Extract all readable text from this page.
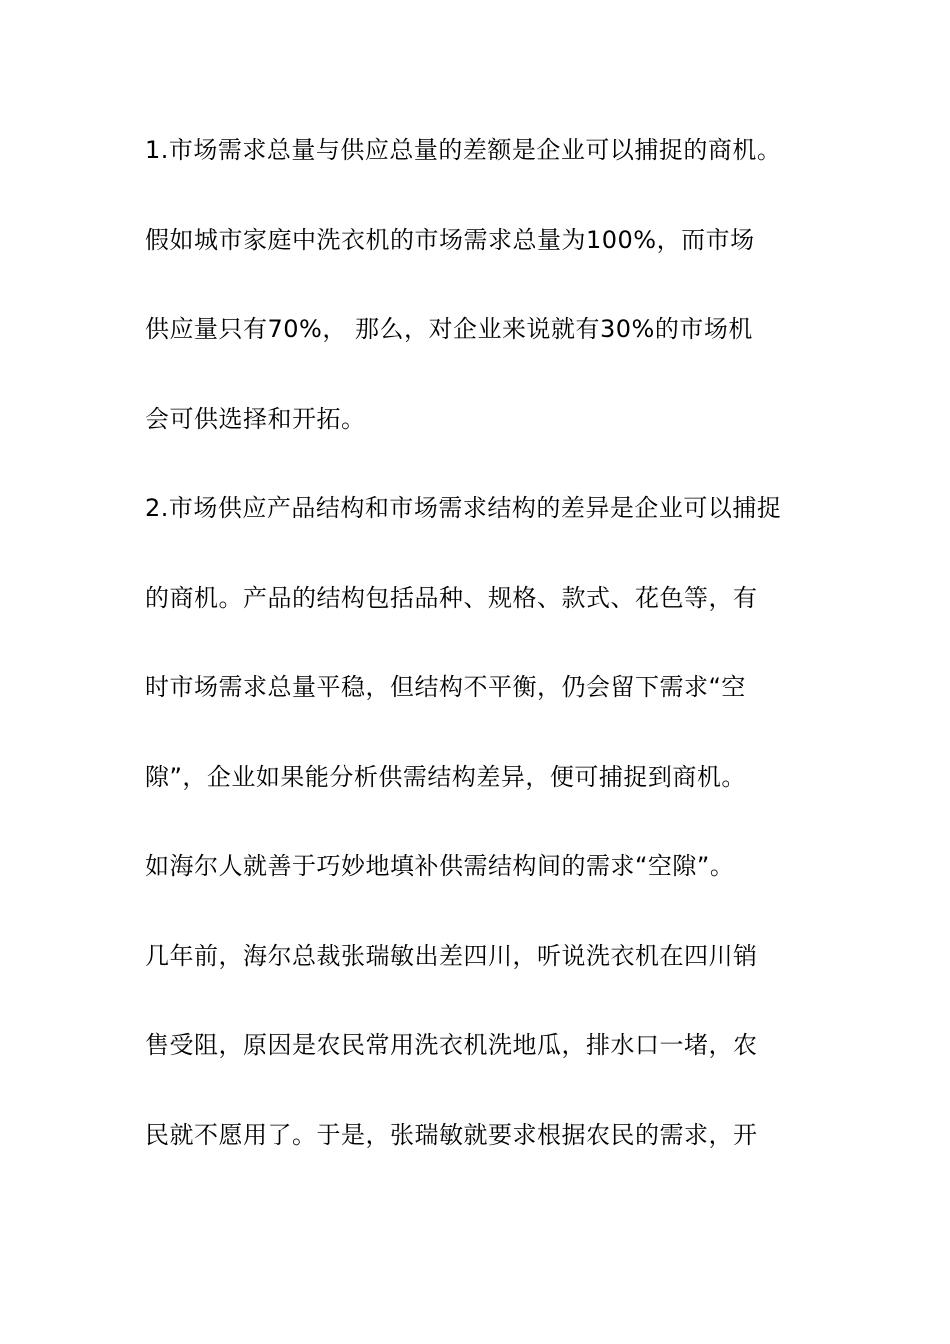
1.市场需求总量与供应总量的差额是企业可以捕捉的商机。
假如城市家庭中洗衣机的市场需求总量为100%，而市场
供应量只有70%， 那么，对企业来说就有30%的市场机
会可供选择和开拓。
2.市场供应产品结构和市场需求结构的差异是企业可以捕捉
的商机。产品的结构包括品种、规格、款式、花色等，有
时市场需求总量平稳，但结构不平衡，仍会留下需求“空
隙”，企业如果能分析供需结构差异，便可捕捉到商机。
如海尔人就善于巧妙地填补供需结构间的需求“空隙”。
几年前，海尔总裁张瑞敏出差四川，听说洗衣机在四川销
售受阻，原因是农民常用洗衣机洗地瓜，排水口一堵，农
民就不愿用了。于是，张瑞敏就要求根据农民的需求，开
